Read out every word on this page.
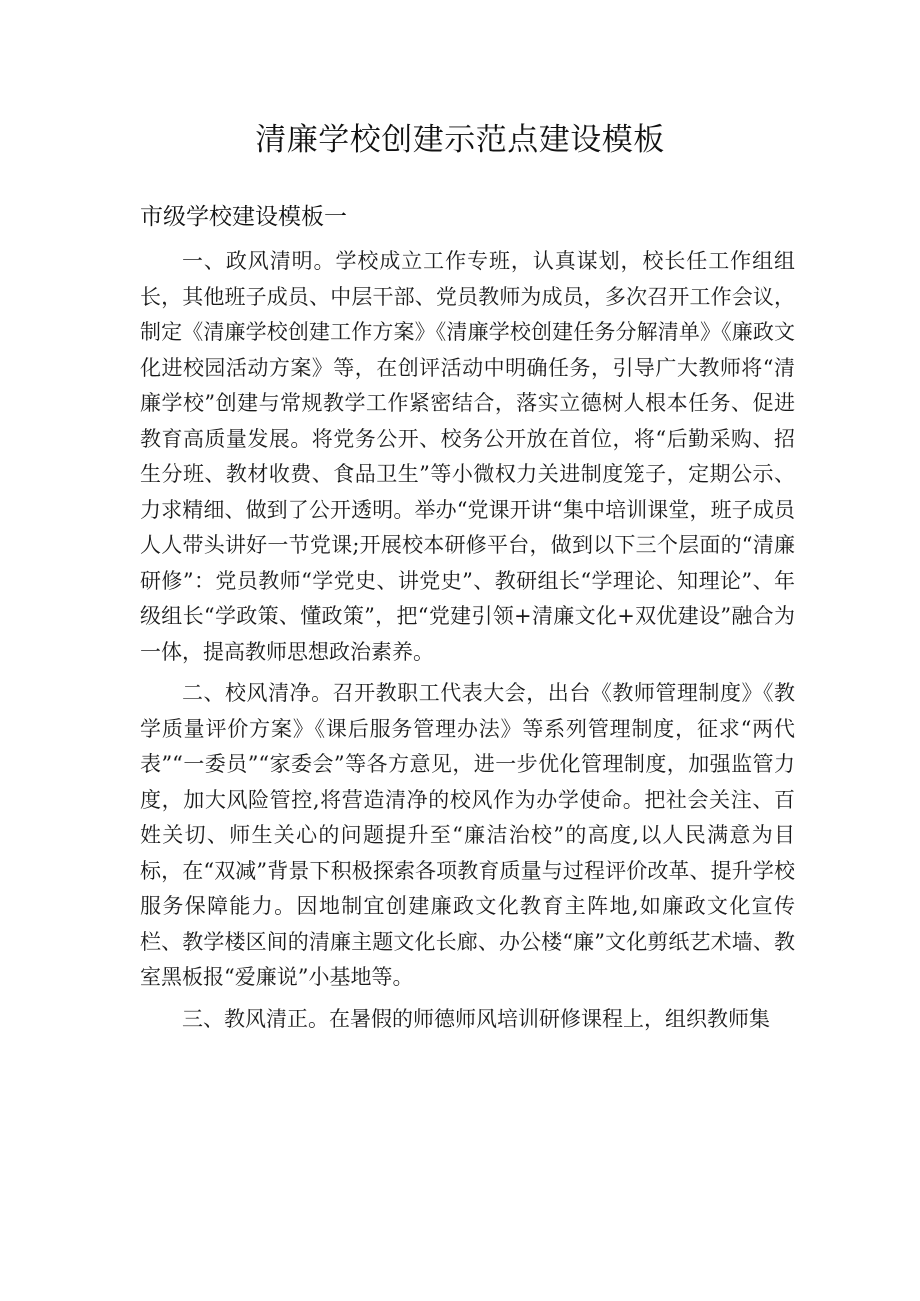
清廉学校创建示范点建设模板
市级学校建设模板一

一、政风清明。学校成立工作专班，认真谋划，校长任工作组组长，其他班子成员、中层干部、党员教师为成员，多次召开工作会议，制定《清廉学校创建工作方案》《清廉学校创建任务分解清单》《廉政文化进校园活动方案》等，在创评活动中明确任务，引导广大教师将“清廉学校”创建与常规教学工作紧密结合，落实立德树人根本任务、促进教育高质量发展。将党务公开、校务公开放在首位，将“后勤采购、招生分班、教材收费、食品卫生”等小微权力关进制度笼子，定期公示、力求精细、做到了公开透明。举办“党课开讲“集中培训课堂，班子成员人人带头讲好一节党课;开展校本研修平台，做到以下三个层面的“清廉研修”：党员教师“学党史、讲党史”、教研组长“学理论、知理论”、年级组长“学政策、懂政策”，把“党建引领+清廉文化+双优建设”融合为一体，提高教师思想政治素养。

二、校风清净。召开教职工代表大会，出台《教师管理制度》《教学质量评价方案》《课后服务管理办法》等系列管理制度，征求“两代表”“一委员”“家委会”等各方意见，进一步优化管理制度，加强监管力度，加大风险管控,将营造清净的校风作为办学使命。把社会关注、百姓关切、师生关心的问题提升至“廉洁治校”的高度,以人民满意为目标，在“双减”背景下积极探索各项教育质量与过程评价改革、提升学校服务保障能力。因地制宜创建廉政文化教育主阵地,如廉政文化宣传栏、教学楼区间的清廉主题文化长廊、办公楼“廉”文化剪纸艺术墙、教室黑板报“爱廉说”小基地等。

三、教风清正。在暑假的师德师风培训研修课程上，组织教师集
